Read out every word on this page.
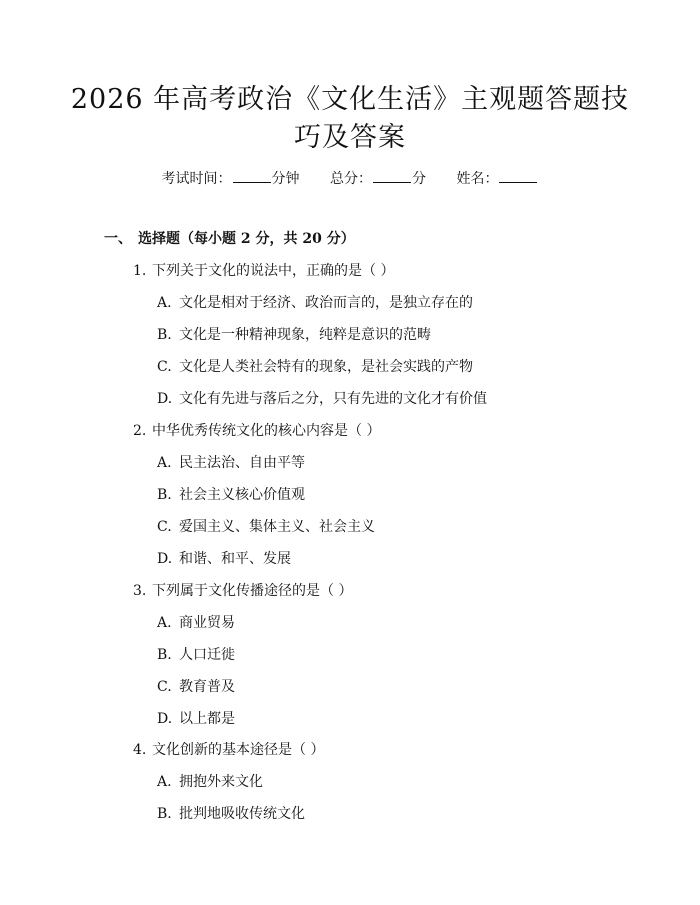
2026 年高考政治《文化生活》主观题答题技
巧及答案
考试时间：	分钟 总分：	分 姓名：
一、 选择题（每小题 2 分，共 20 分）
1. 下列关于文化的说法中，正确的是（ ）
A. 文化是相对于经济、政治而言的，是独立存在的
B. 文化是一种精神现象，纯粹是意识的范畴
C. 文化是人类社会特有的现象，是社会实践的产物
D. 文化有先进与落后之分，只有先进的文化才有价值
2. 中华优秀传统文化的核心内容是（ ）
A. 民主法治、自由平等
B. 社会主义核心价值观
C. 爱国主义、集体主义、社会主义
D. 和谐、和平、发展
3. 下列属于文化传播途径的是（ ）
A. 商业贸易
B. 人口迁徙
C. 教育普及
D. 以上都是
4. 文化创新的基本途径是（ ）
A. 拥抱外来文化
B. 批判地吸收传统文化
